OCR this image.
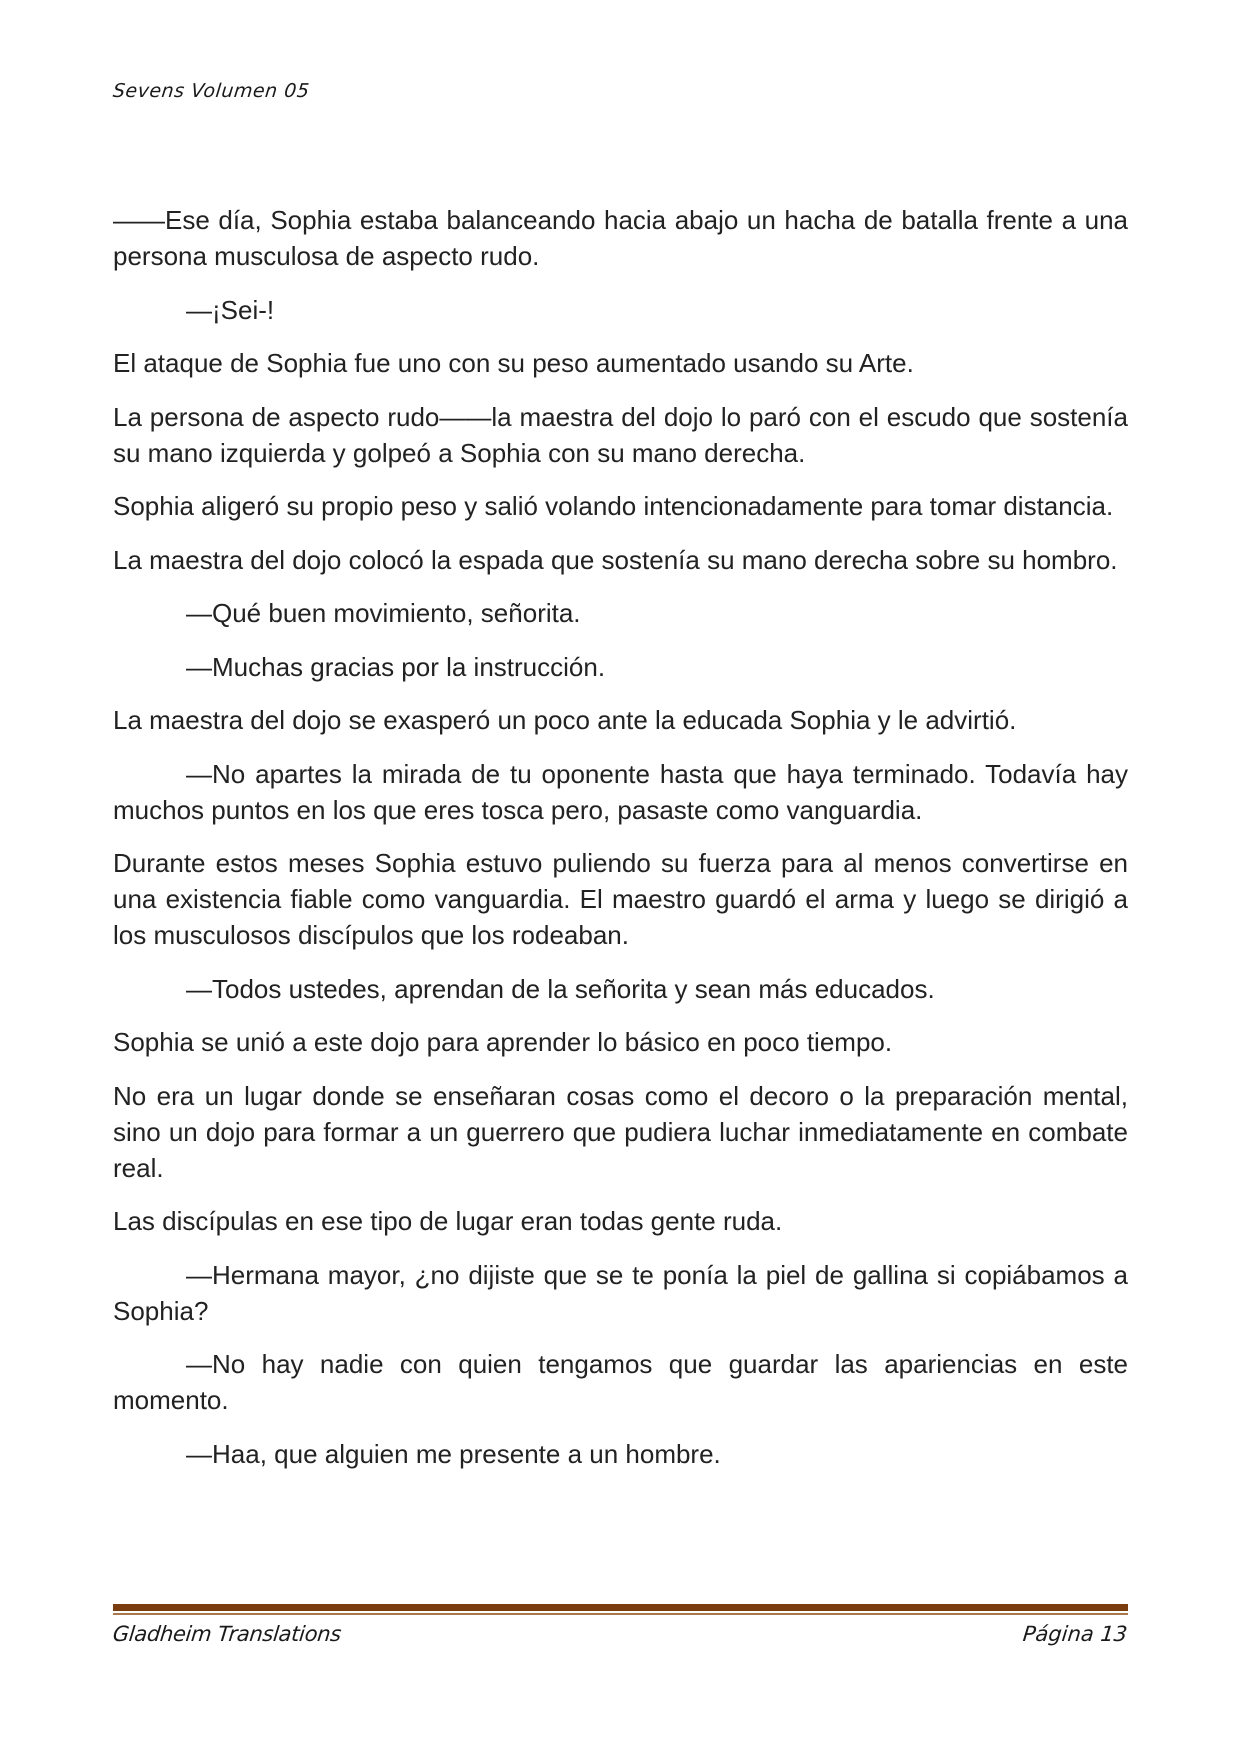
Sevens Volumen 05

——Ese día, Sophia estaba balanceando hacia abajo un hacha de batalla frente a una persona musculosa de aspecto rudo.

—¡Sei-!

El ataque de Sophia fue uno con su peso aumentado usando su Arte.

La persona de aspecto rudo——la maestra del dojo lo paró con el escudo que sostenía su mano izquierda y golpeó a Sophia con su mano derecha.

Sophia aligeró su propio peso y salió volando intencionadamente para tomar distancia.

La maestra del dojo colocó la espada que sostenía su mano derecha sobre su hombro.

—Qué buen movimiento, señorita.

—Muchas gracias por la instrucción.

La maestra del dojo se exasperó un poco ante la educada Sophia y le advirtió.

—No apartes la mirada de tu oponente hasta que haya terminado. Todavía hay muchos puntos en los que eres tosca pero, pasaste como vanguardia.

Durante estos meses Sophia estuvo puliendo su fuerza para al menos convertirse en una existencia fiable como vanguardia. El maestro guardó el arma y luego se dirigió a los musculosos discípulos que los rodeaban.

—Todos ustedes, aprendan de la señorita y sean más educados.

Sophia se unió a este dojo para aprender lo básico en poco tiempo.

No era un lugar donde se enseñaran cosas como el decoro o la preparación mental, sino un dojo para formar a un guerrero que pudiera luchar inmediatamente en combate real.

Las discípulas en ese tipo de lugar eran todas gente ruda.

—Hermana mayor, ¿no dijiste que se te ponía la piel de gallina si copiábamos a Sophia?

—No hay nadie con quien tengamos que guardar las apariencias en este momento.

—Haa, que alguien me presente a un hombre.

Gladheim Translations	Página 13
